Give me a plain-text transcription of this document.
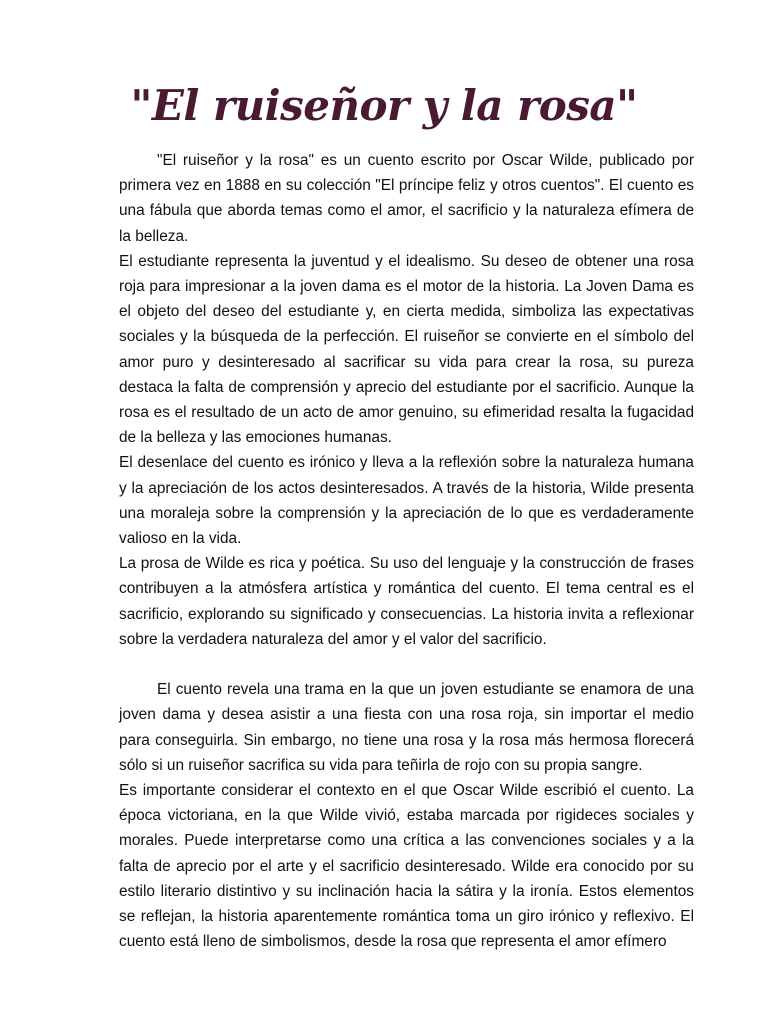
"El ruiseñor y la rosa"

"El ruiseñor y la rosa" es un cuento escrito por Oscar Wilde, publicado por primera vez en 1888 en su colección "El príncipe feliz y otros cuentos". El cuento es una fábula que aborda temas como el amor, el sacrificio y la naturaleza efímera de la belleza.

El estudiante representa la juventud y el idealismo. Su deseo de obtener una rosa roja para impresionar a la joven dama es el motor de la historia. La Joven Dama es el objeto del deseo del estudiante y, en cierta medida, simboliza las expectativas sociales y la búsqueda de la perfección. El ruiseñor se convierte en el símbolo del amor puro y desinteresado al sacrificar su vida para crear la rosa, su pureza destaca la falta de comprensión y aprecio del estudiante por el sacrificio. Aunque la rosa es el resultado de un acto de amor genuino, su efimeridad resalta la fugacidad de la belleza y las emociones humanas.

El desenlace del cuento es irónico y lleva a la reflexión sobre la naturaleza humana y la apreciación de los actos desinteresados. A través de la historia, Wilde presenta una moraleja sobre la comprensión y la apreciación de lo que es verdaderamente valioso en la vida.

La prosa de Wilde es rica y poética. Su uso del lenguaje y la construcción de frases contribuyen a la atmósfera artística y romántica del cuento. El tema central es el sacrificio, explorando su significado y consecuencias. La historia invita a reflexionar sobre la verdadera naturaleza del amor y el valor del sacrificio.

El cuento revela una trama en la que un joven estudiante se enamora de una joven dama y desea asistir a una fiesta con una rosa roja, sin importar el medio para conseguirla. Sin embargo, no tiene una rosa y la rosa más hermosa florecerá sólo si un ruiseñor sacrifica su vida para teñirla de rojo con su propia sangre.

Es importante considerar el contexto en el que Oscar Wilde escribió el cuento. La época victoriana, en la que Wilde vivió, estaba marcada por rigideces sociales y morales. Puede interpretarse como una crítica a las convenciones sociales y a la falta de aprecio por el arte y el sacrificio desinteresado. Wilde era conocido por su estilo literario distintivo y su inclinación hacia la sátira y la ironía. Estos elementos se reflejan, la historia aparentemente romántica toma un giro irónico y reflexivo. El cuento está lleno de simbolismos, desde la rosa que representa el amor efímero
